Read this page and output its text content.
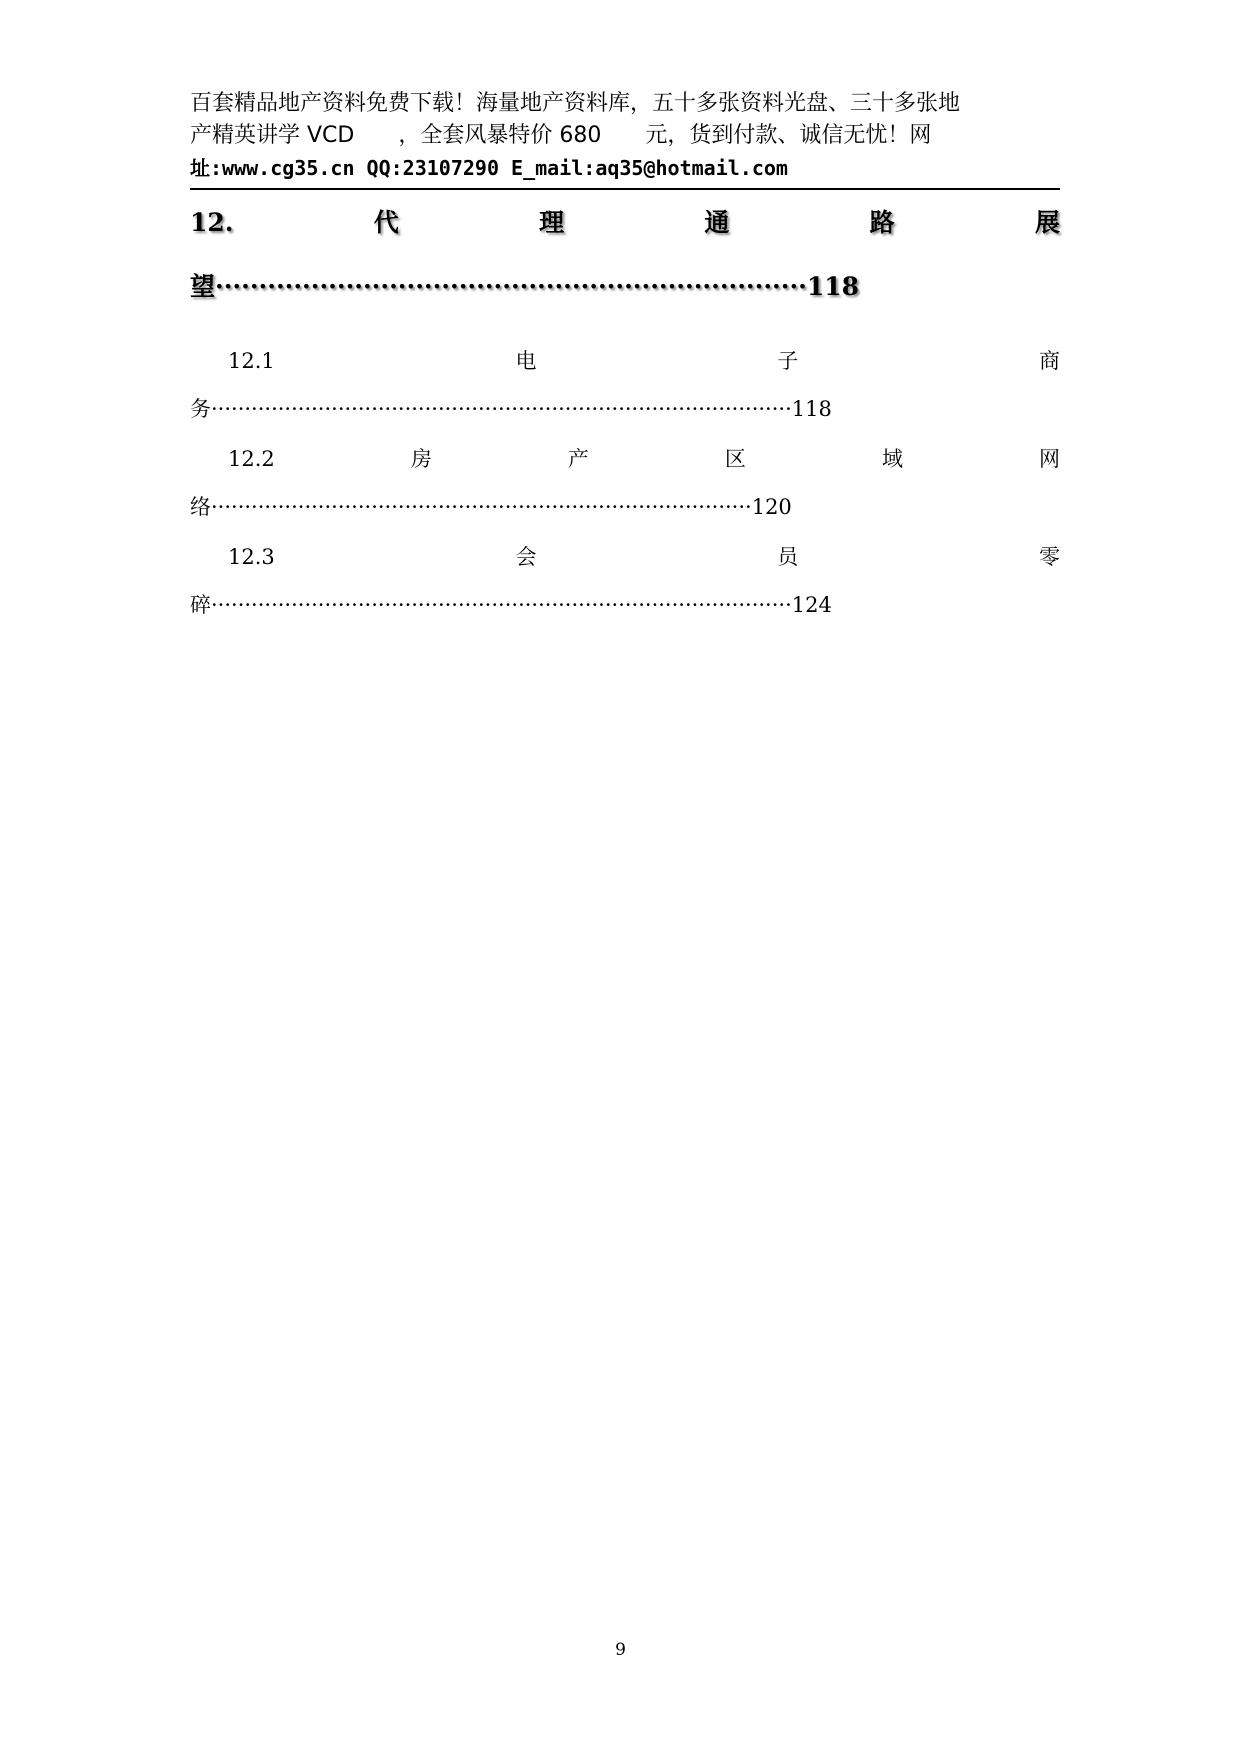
百套精品地产资料免费下载！海量地产资料库，五十多张资料光盘、三十多张地
产精英讲学 VCD　　，全套风暴特价 680　　元，货到付款、诚信无忧！网
址:www.cg35.cn QQ:23107290 E_mail:aq35@hotmail.com
12.	代	理	通	路	展
望····································································118
12.1	电	子	商
务·······················································································118
12.2	房	产	区	域	网
络·················································································120
12.3	会	员	零
碎·······················································································124
9
